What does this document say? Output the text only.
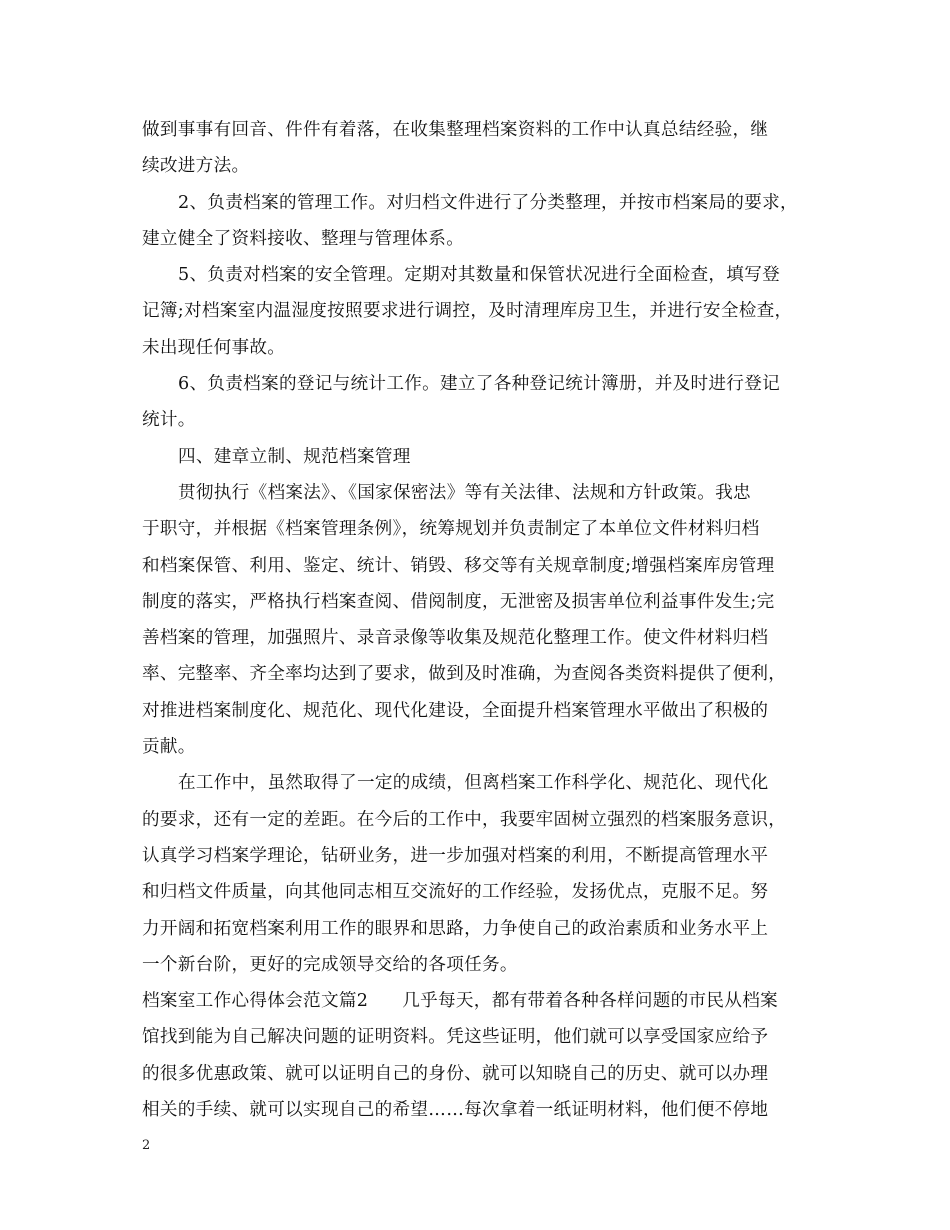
做到事事有回音、件件有着落，在收集整理档案资料的工作中认真总结经验，继
续改进方法。
2、负责档案的管理工作。对归档文件进行了分类整理，并按市档案局的要求，
建立健全了资料接收、整理与管理体系。
5、负责对档案的安全管理。定期对其数量和保管状况进行全面检查，填写登
记簿;对档案室内温湿度按照要求进行调控，及时清理库房卫生，并进行安全检查，
未出现任何事故。
6、负责档案的登记与统计工作。建立了各种登记统计簿册，并及时进行登记
统计。
四、建章立制、规范档案管理
贯彻执行《档案法》、《国家保密法》等有关法律、法规和方针政策。我忠
于职守，并根据《档案管理条例》，统筹规划并负责制定了本单位文件材料归档
和档案保管、利用、鉴定、统计、销毁、移交等有关规章制度;增强档案库房管理
制度的落实，严格执行档案查阅、借阅制度，无泄密及损害单位利益事件发生;完
善档案的管理，加强照片、录音录像等收集及规范化整理工作。使文件材料归档
率、完整率、齐全率均达到了要求，做到及时准确，为查阅各类资料提供了便利，
对推进档案制度化、规范化、现代化建设，全面提升档案管理水平做出了积极的
贡献。
在工作中，虽然取得了一定的成绩，但离档案工作科学化、规范化、现代化
的要求，还有一定的差距。在今后的工作中，我要牢固树立强烈的档案服务意识，
认真学习档案学理论，钻研业务，进一步加强对档案的利用，不断提高管理水平
和归档文件质量，向其他同志相互交流好的工作经验，发扬优点，克服不足。努
力开阔和拓宽档案利用工作的眼界和思路，力争使自己的政治素质和业务水平上
一个新台阶，更好的完成领导交给的各项任务。
档案室工作心得体会范文篇2 几乎每天，都有带着各种各样问题的市民从档案
馆找到能为自己解决问题的证明资料。凭这些证明，他们就可以享受国家应给予
的很多优惠政策、就可以证明自己的身份、就可以知晓自己的历史、就可以办理
相关的手续、就可以实现自己的希望……每次拿着一纸证明材料，他们便不停地
2
